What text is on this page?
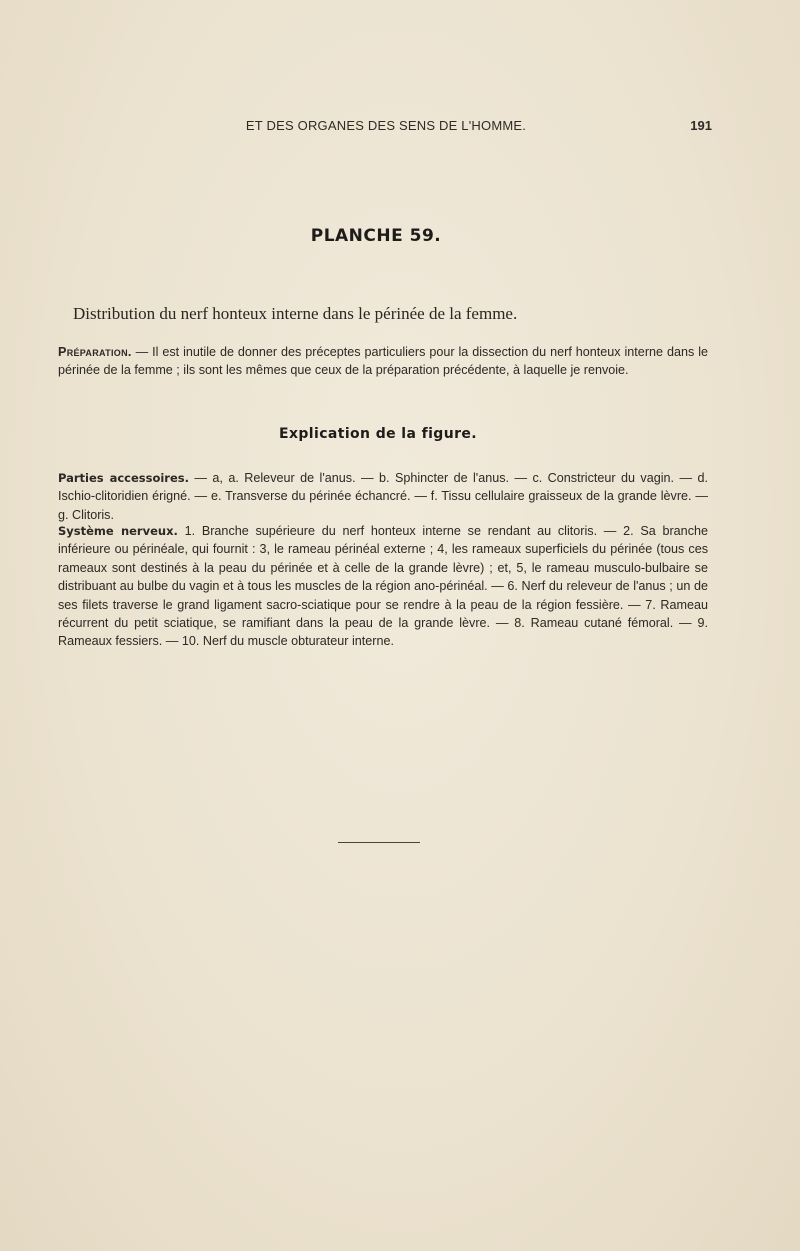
ET DES ORGANES DES SENS DE L'HOMME.	191
PLANCHE 59.
Distribution du nerf honteux interne dans le périnée de la femme.
Préparation. — Il est inutile de donner des préceptes particuliers pour la dissection du nerf honteux interne dans le périnée de la femme ; ils sont les mêmes que ceux de la préparation précédente, à laquelle je renvoie.
Explication de la figure.
Parties accessoires. — a, a. Releveur de l'anus. — b. Sphincter de l'anus. — c. Constricteur du vagin. — d. Ischio-clitoridien érigné. — e. Transverse du périnée échancré. — f. Tissu cellulaire graisseux de la grande lèvre. — g. Clitoris.
Système nerveux. 1. Branche supérieure du nerf honteux interne se rendant au clitoris. — 2. Sa branche inférieure ou périnéale, qui fournit : 3, le rameau périnéal externe ; 4, les rameaux superficiels du périnée (tous ces rameaux sont destinés à la peau du périnée et à celle de la grande lèvre) ; et, 5, le rameau musculo-bulbaire se distribuant au bulbe du vagin et à tous les muscles de la région ano-périnéal. — 6. Nerf du releveur de l'anus ; un de ses filets traverse le grand ligament sacro-sciatique pour se rendre à la peau de la région fessière. — 7. Rameau récurrent du petit sciatique, se ramifiant dans la peau de la grande lèvre. — 8. Rameau cutané fémoral. — 9. Rameaux fessiers. — 10. Nerf du muscle obturateur interne.
